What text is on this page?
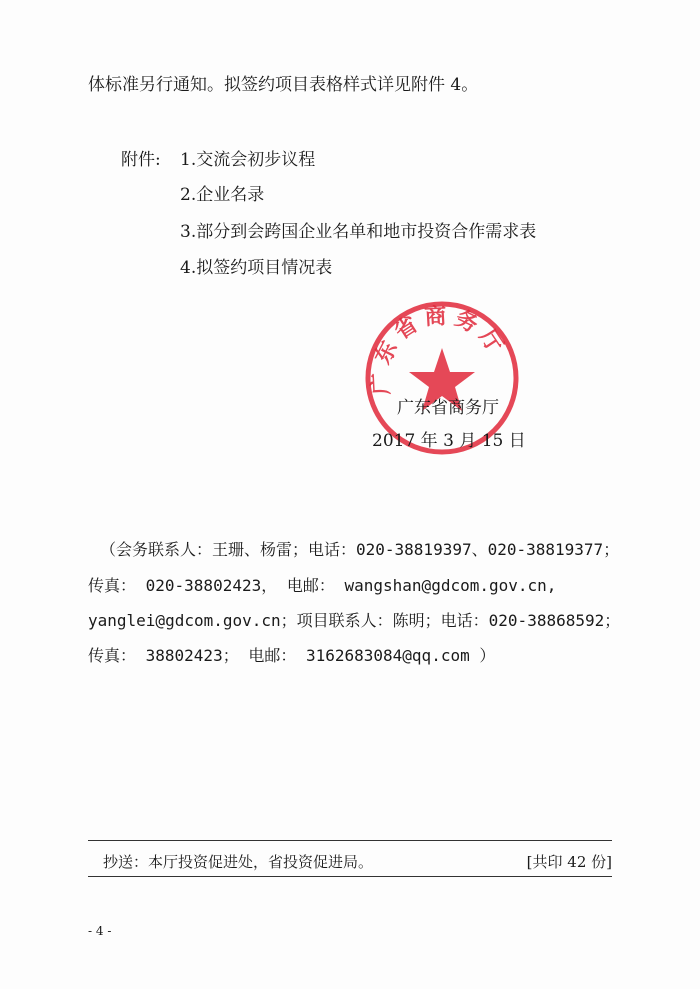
体标准另行通知。拟签约项目表格样式详见附件 4。
附件: 1.交流会初步议程
2.企业名录
3.部分到会跨国企业名单和地市投资合作需求表
4.拟签约项目情况表
广东省商务厅
广东省商务厅
2017 年 3 月 15 日
（会务联系人：王珊、杨雷；电话：020-38819397、020-38819377；
传真： 020-38802423， 电邮： wangshan@gdcom.gov.cn,
yanglei@gdcom.gov.cn；项目联系人：陈明；电话：020-38868592；
传真： 38802423； 电邮： 3162683084@qq.com ）
抄送：本厅投资促进处，省投资促进局。	[共印 42 份]
- 4 -
